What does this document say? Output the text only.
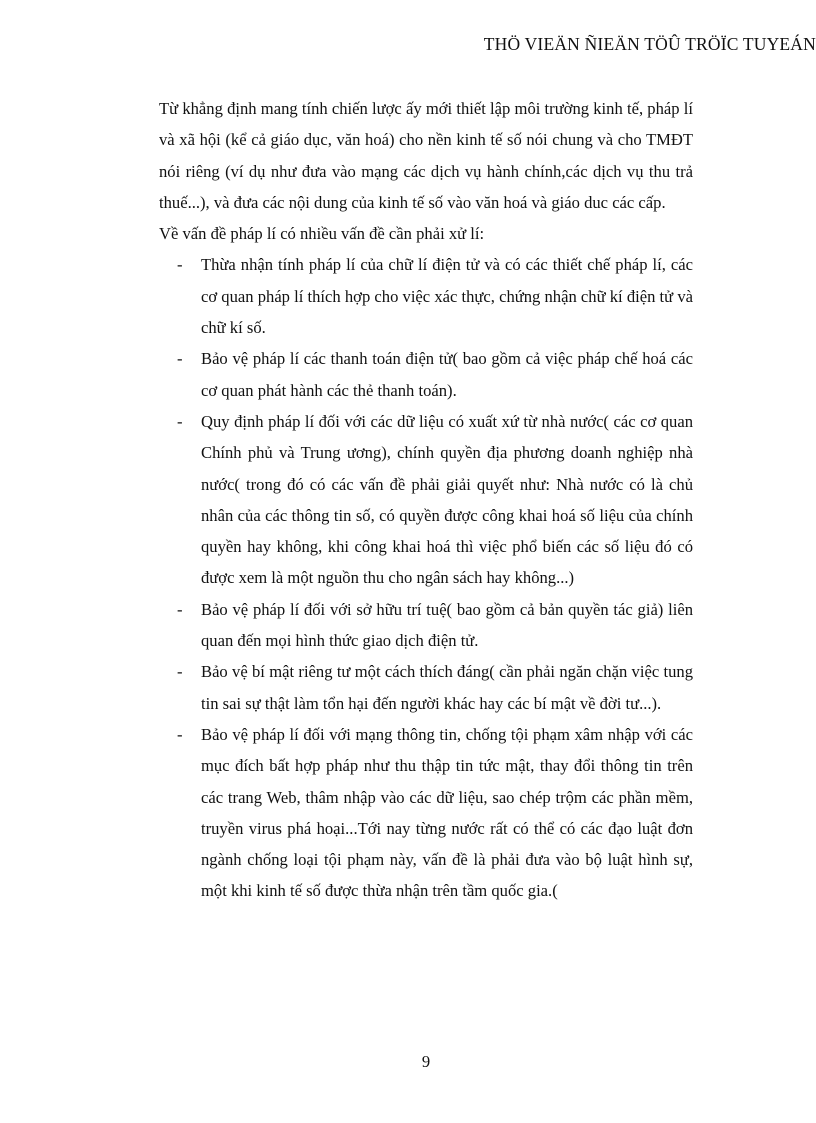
THÖ VIEÄN ÑIEÄN TÖÛ TRÖÏC TUYEÁN

Từ khẳng định mang tính chiến lược ấy mới thiết lập môi trường kinh tế, pháp lí và xã hội (kể cả giáo dục, văn hoá) cho nền kinh tế số nói chung và cho TMĐT nói riêng (ví dụ như đưa vào mạng các dịch vụ hành chính,các dịch vụ thu trả thuế...), và đưa các nội dung của kinh tế số vào văn hoá và giáo duc các cấp.

Về vấn đề pháp lí có nhiều vấn đề cần phải xử lí:

- Thừa nhận tính pháp lí của chữ lí điện tử và có các thiết chế pháp lí, các cơ quan pháp lí thích hợp cho việc xác thực, chứng nhận chữ kí điện tử và chữ kí số.
- Bảo vệ pháp lí các thanh toán điện tử( bao gồm cả việc pháp chế hoá các cơ quan phát hành các thẻ thanh toán).
- Quy định pháp lí đối với các dữ liệu có xuất xứ từ nhà nước( các cơ quan Chính phủ và Trung ương), chính quyền địa phương doanh nghiệp nhà nước( trong đó có các vấn đề phải giải quyết như: Nhà nước có là chủ nhân của các thông tin số, có quyền được công khai hoá số liệu của chính quyền hay không, khi công khai hoá thì việc phổ biến các số liệu đó có được xem là một nguồn thu cho ngân sách hay không...)
- Bảo vệ pháp lí đối với sở hữu trí tuệ( bao gồm cả bản quyền tác giả) liên quan đến mọi hình thức giao dịch điện tử.
- Bảo vệ bí mật riêng tư một cách thích đáng( cần phải ngăn chặn việc tung tin sai sự thật làm tổn hại đến người khác hay các bí mật về đời tư...).
- Bảo vệ pháp lí đối với mạng thông tin, chống tội phạm xâm nhập với các mục đích bất hợp pháp như thu thập tin tức mật, thay đổi thông tin trên các trang Web, thâm nhập vào các dữ liệu, sao chép trộm các phần mềm, truyền virus phá hoại...Tới nay từng nước rất có thể có các đạo luật đơn ngành chống loại tội phạm này, vấn đề là phải đưa vào bộ luật hình sự, một khi kinh tế số được thừa nhận trên tầm quốc gia.(
9
